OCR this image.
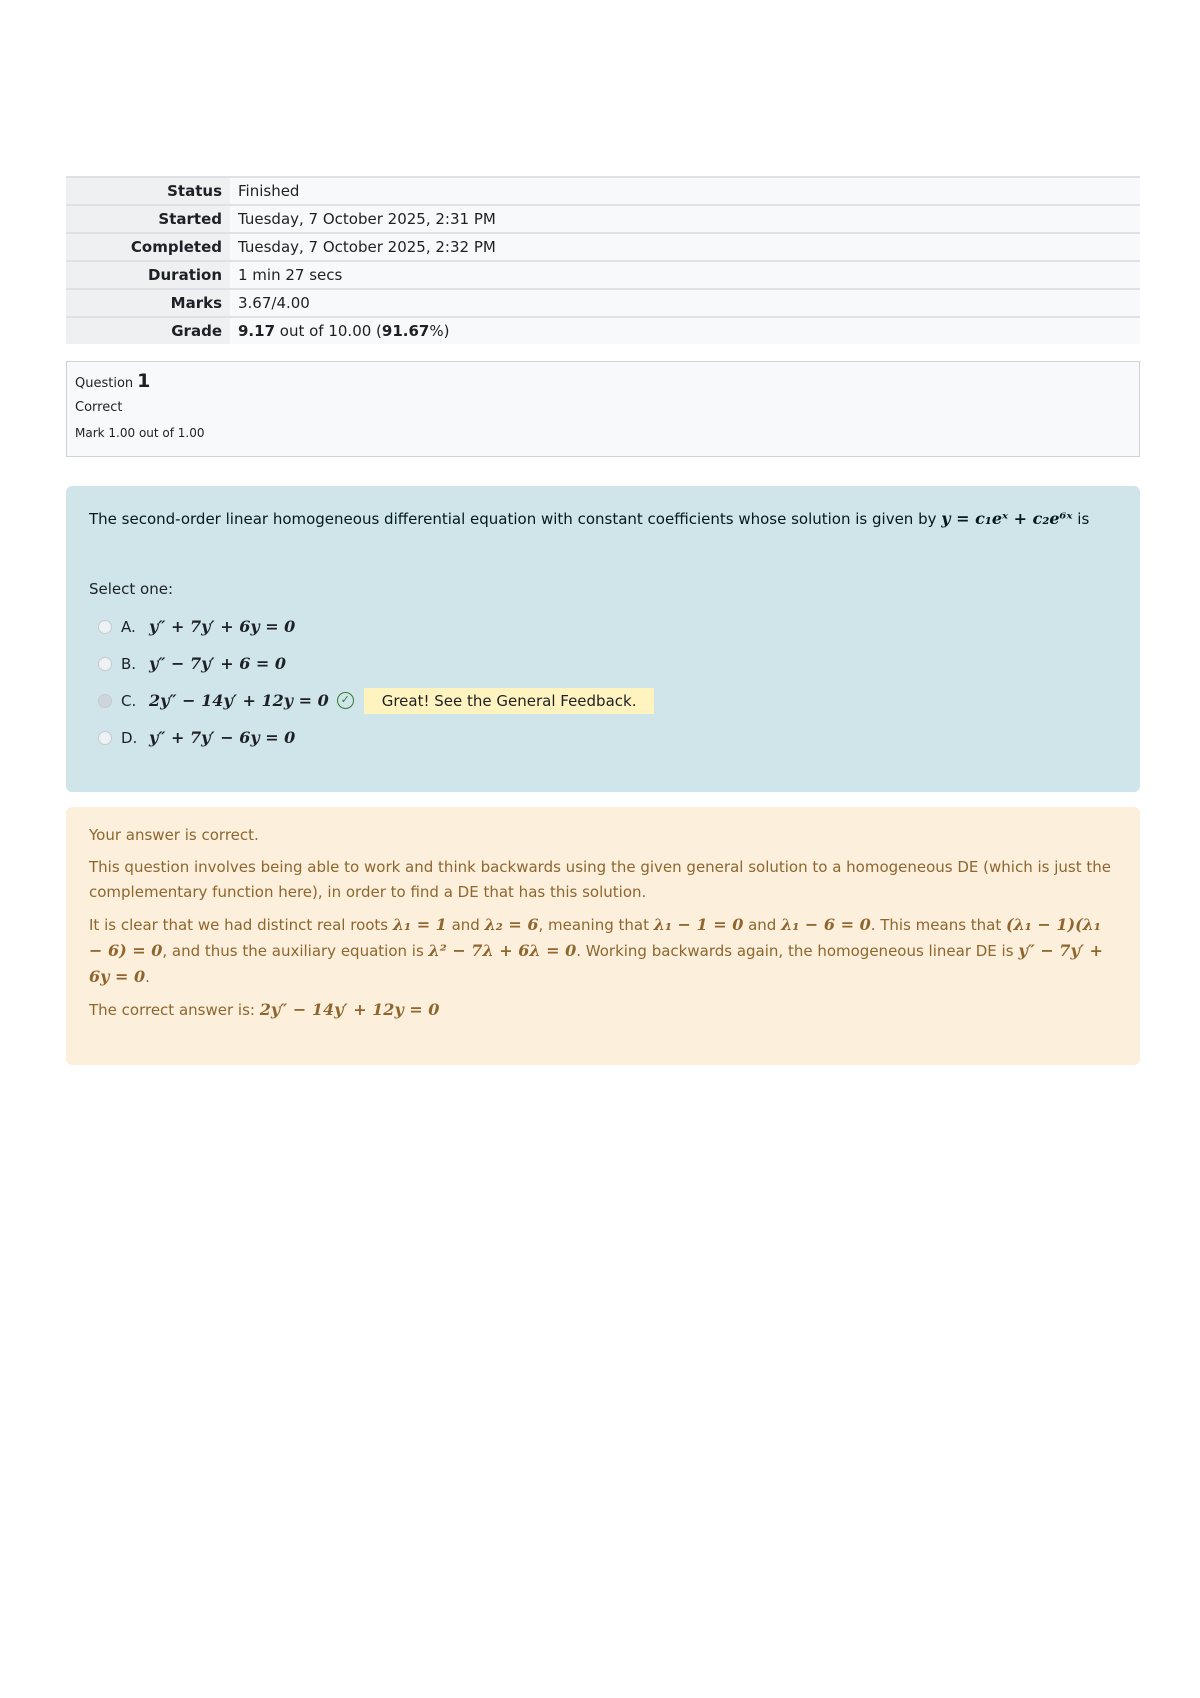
Status	Finished
Started	Tuesday, 7 October 2025, 2:31 PM
Completed	Tuesday, 7 October 2025, 2:32 PM
Duration	1 min 27 secs
Marks	3.67/4.00
Grade	9.17 out of 10.00 (91.67%)
Question 1
Correct
Mark 1.00 out of 1.00
The second-order linear homogeneous differential equation with constant coefficients whose solution is given by y = c₁eˣ + c₂e⁶ˣ is
Select one:
A. y″ + 7y′ + 6y = 0
B. y″ − 7y′ + 6 = 0
C. 2y″ − 14y′ + 12y = 0	✓	Great! See the General Feedback.
D. y″ + 7y′ − 6y = 0

Your answer is correct.

This question involves being able to work and think backwards using the given general solution to a homogeneous DE (which is just the complementary function here), in order to find a DE that has this solution.

It is clear that we had distinct real roots λ₁ = 1 and λ₂ = 6, meaning that λ₁ − 1 = 0 and λ₁ − 6 = 0. This means that (λ₁ − 1)(λ₁ − 6) = 0, and thus the auxiliary equation is λ² − 7λ + 6λ = 0. Working backwards again, the homogeneous linear DE is y″ − 7y′ + 6y = 0.

The correct answer is: 2y″ − 14y′ + 12y = 0
